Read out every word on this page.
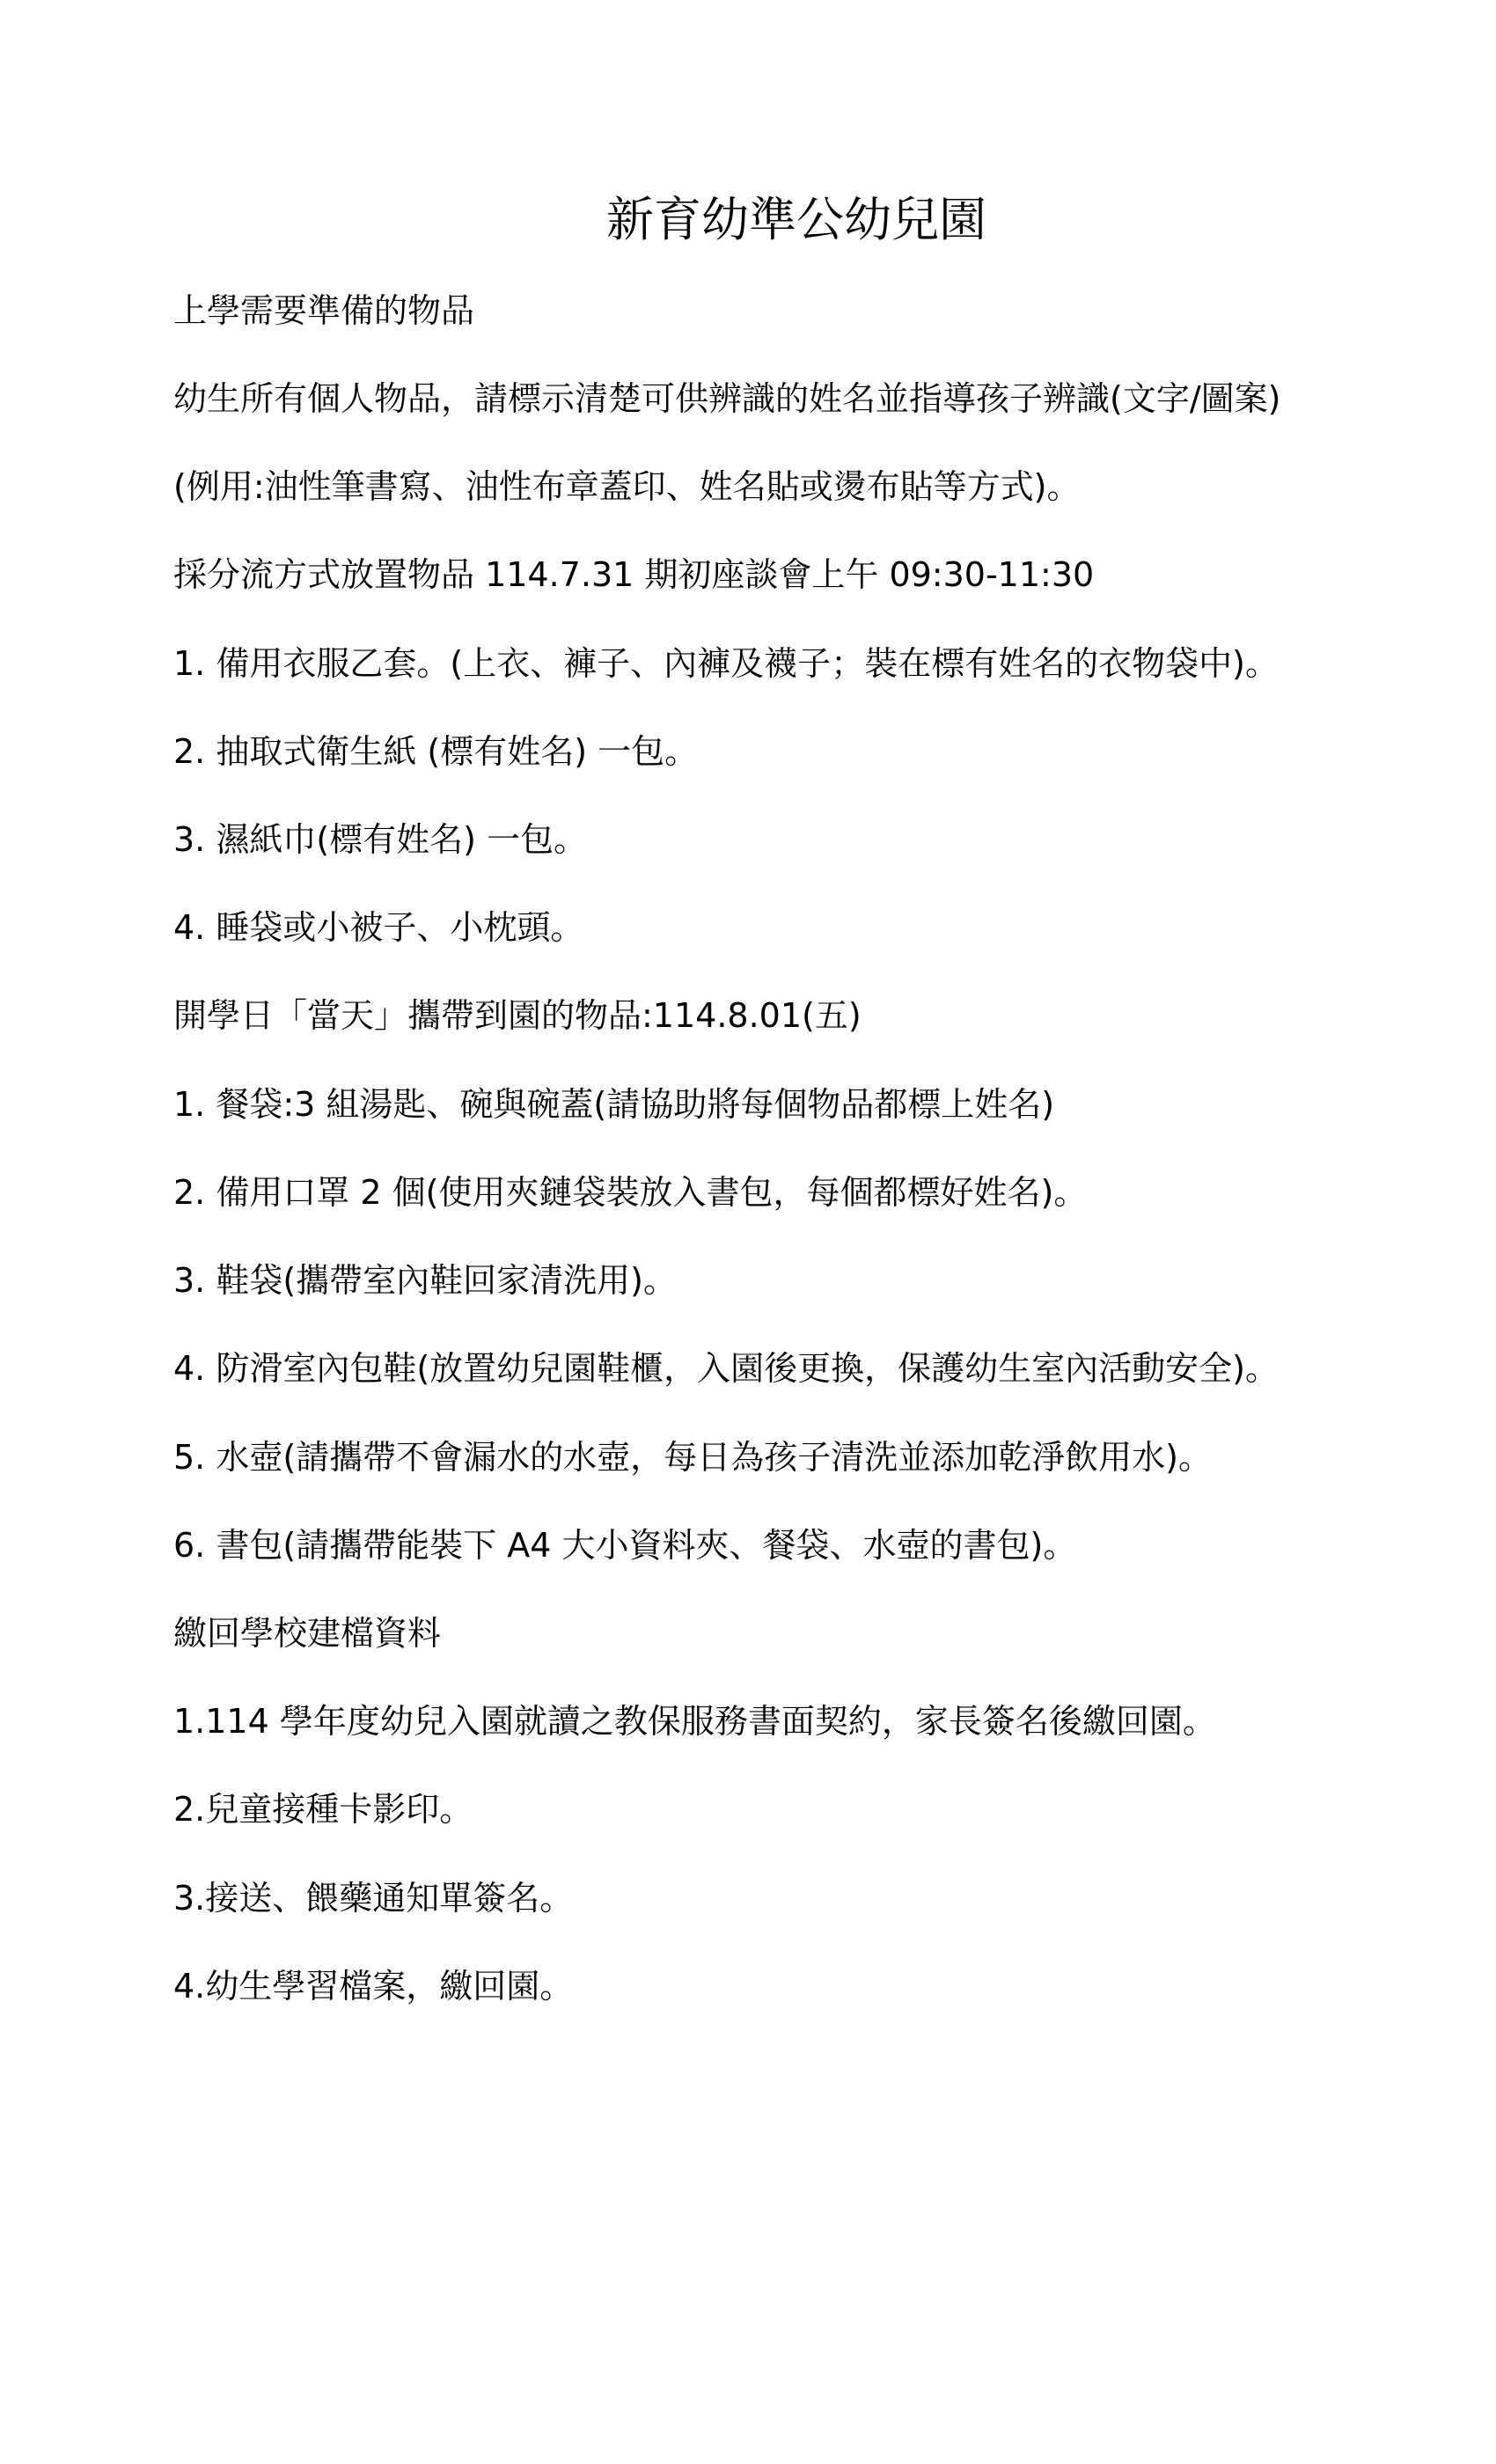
新育幼準公幼兒園

上學需要準備的物品

幼生所有個人物品，請標示清楚可供辨識的姓名並指導孩子辨識(文字/圖案)

(例用:油性筆書寫、油性布章蓋印、姓名貼或燙布貼等方式)。

採分流方式放置物品 114.7.31 期初座談會上午 09:30-11:30

1. 備用衣服乙套。(上衣、褲子、內褲及襪子；裝在標有姓名的衣物袋中)。

2. 抽取式衛生紙 (標有姓名) 一包。

3. 濕紙巾(標有姓名) 一包。

4. 睡袋或小被子、小枕頭。

開學日「當天」攜帶到園的物品:114.8.01(五)

1. 餐袋:3 組湯匙、碗與碗蓋(請協助將每個物品都標上姓名)

2. 備用口罩 2 個(使用夾鏈袋裝放入書包，每個都標好姓名)。

3. 鞋袋(攜帶室內鞋回家清洗用)。

4. 防滑室內包鞋(放置幼兒園鞋櫃，入園後更換，保護幼生室內活動安全)。

5. 水壺(請攜帶不會漏水的水壺，每日為孩子清洗並添加乾淨飲用水)。

6. 書包(請攜帶能裝下 A4 大小資料夾、餐袋、水壺的書包)。

繳回學校建檔資料

1.114 學年度幼兒入園就讀之教保服務書面契約，家長簽名後繳回園。

2.兒童接種卡影印。

3.接送、餵藥通知單簽名。

4.幼生學習檔案，繳回園。
